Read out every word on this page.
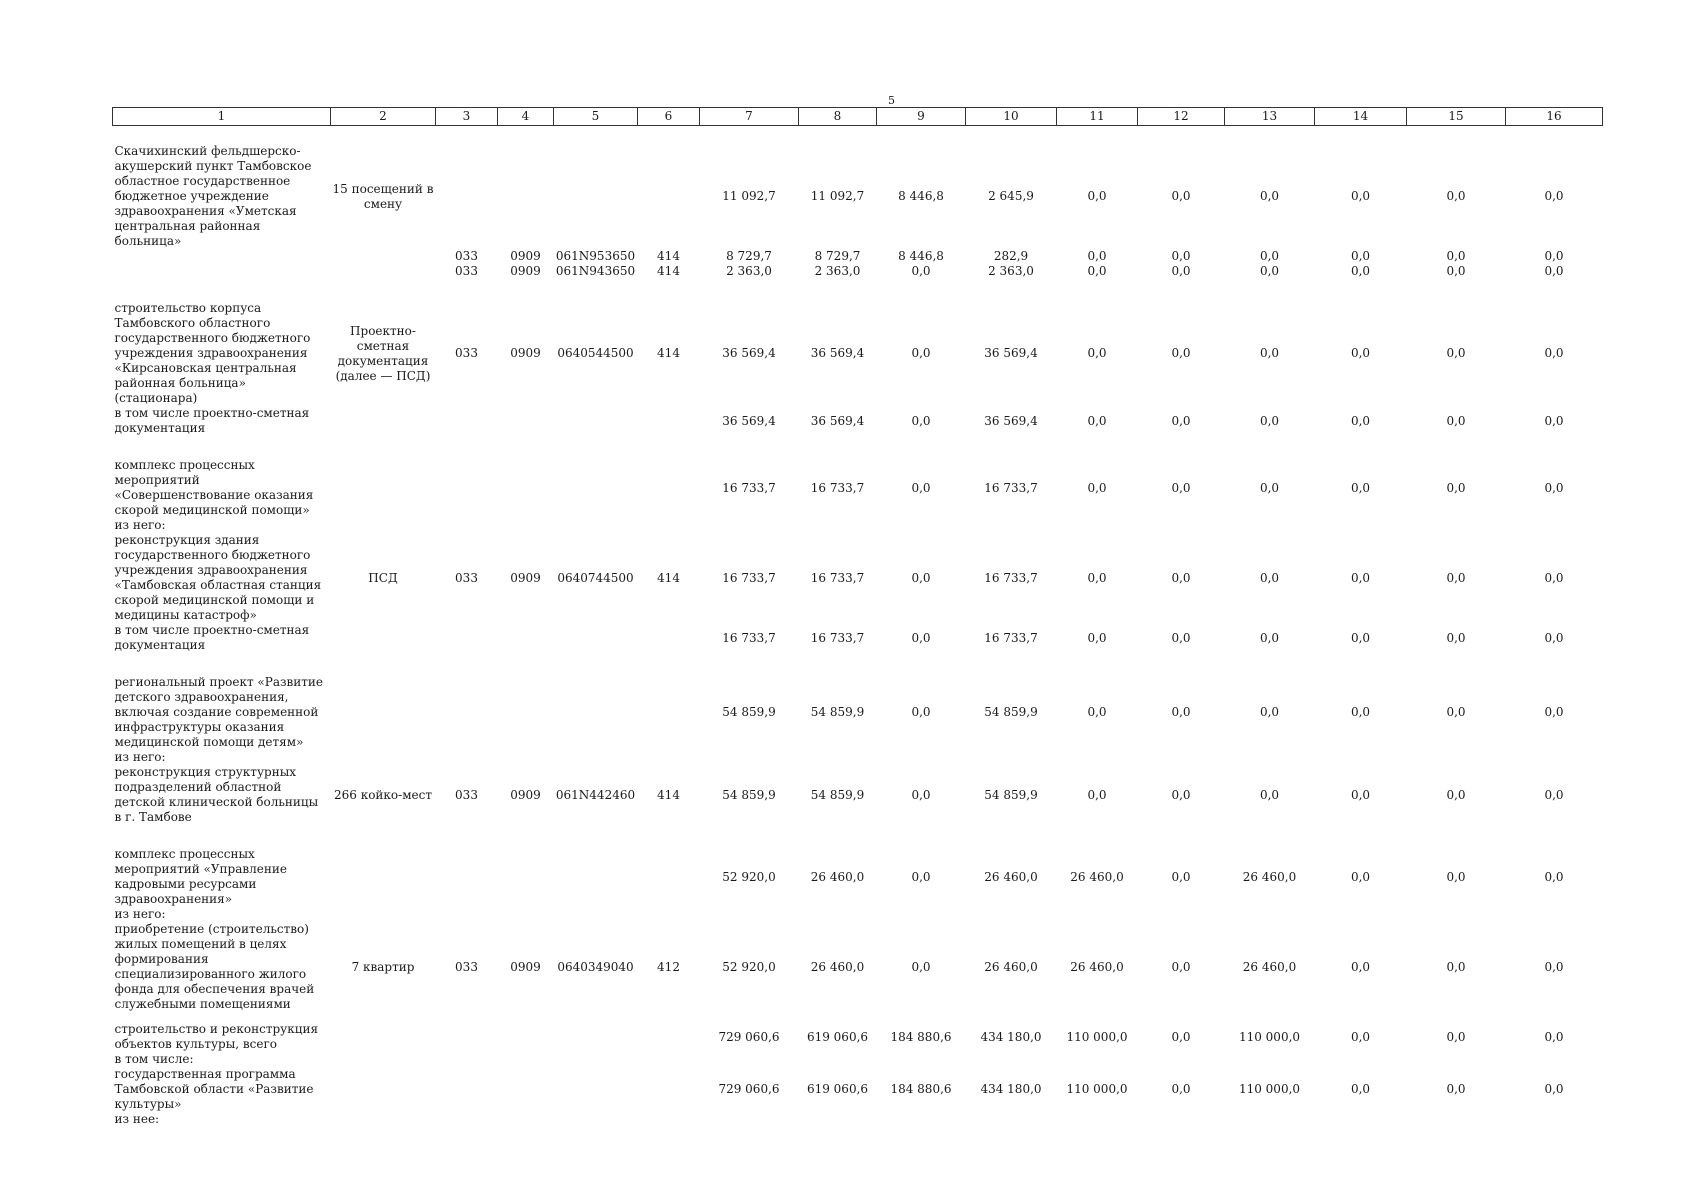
5
1	2	3	4	5	6	7	8	9	10	11	12	13	14	15	16

Скачихинский фельдшерско-акушерский пункт Тамбовское областное государственное бюджетное учреждение здравоохранения «Уметская центральная районная больница»	15 посещений в смену					11 092,7	11 092,7	8 446,8	2 645,9	0,0	0,0	0,0	0,0	0,0	0,0
		033	0909	061N953650	414	8 729,7	8 729,7	8 446,8	282,9	0,0	0,0	0,0	0,0	0,0	0,0
		033	0909	061N943650	414	2 363,0	2 363,0	0,0	2 363,0	0,0	0,0	0,0	0,0	0,0	0,0

строительство корпуса Тамбовского областного государственного бюджетного учреждения здравоохранения «Кирсановская центральная районная больница» (стационара)	Проектно-сметная документация (далее — ПСД)	033	0909	0640544500	414	36 569,4	36 569,4	0,0	36 569,4	0,0	0,0	0,0	0,0	0,0	0,0
в том числе проектно-сметная документация						36 569,4	36 569,4	0,0	36 569,4	0,0	0,0	0,0	0,0	0,0	0,0

комплекс процессных мероприятий «Совершенствование оказания скорой медицинской помощи»						16 733,7	16 733,7	0,0	16 733,7	0,0	0,0	0,0	0,0	0,0	0,0
из него:															
реконструкция здания государственного бюджетного учреждения здравоохранения «Тамбовская областная станция скорой медицинской помощи и медицины катастроф»	ПСД	033	0909	0640744500	414	16 733,7	16 733,7	0,0	16 733,7	0,0	0,0	0,0	0,0	0,0	0,0
в том числе проектно-сметная документация						16 733,7	16 733,7	0,0	16 733,7	0,0	0,0	0,0	0,0	0,0	0,0

региональный проект «Развитие детского здравоохранения, включая создание современной инфраструктуры оказания медицинской помощи детям»						54 859,9	54 859,9	0,0	54 859,9	0,0	0,0	0,0	0,0	0,0	0,0
из него:															
реконструкция структурных подразделений областной детской клинической больницы в г. Тамбове	266 койко-мест	033	0909	061N442460	414	54 859,9	54 859,9	0,0	54 859,9	0,0	0,0	0,0	0,0	0,0	0,0

комплекс процессных мероприятий «Управление кадровыми ресурсами здравоохранения»						52 920,0	26 460,0	0,0	26 460,0	26 460,0	0,0	26 460,0	0,0	0,0	0,0
из него:															
приобретение (строительство) жилых помещений в целях формирования специализированного жилого фонда для обеспечения врачей служебными помещениями	7 квартир	033	0909	0640349040	412	52 920,0	26 460,0	0,0	26 460,0	26 460,0	0,0	26 460,0	0,0	0,0	0,0

строительство и реконструкция объектов культуры, всего						729 060,6	619 060,6	184 880,6	434 180,0	110 000,0	0,0	110 000,0	0,0	0,0	0,0
в том числе:															
государственная программа Тамбовской области «Развитие культуры»						729 060,6	619 060,6	184 880,6	434 180,0	110 000,0	0,0	110 000,0	0,0	0,0	0,0
из нее:															
